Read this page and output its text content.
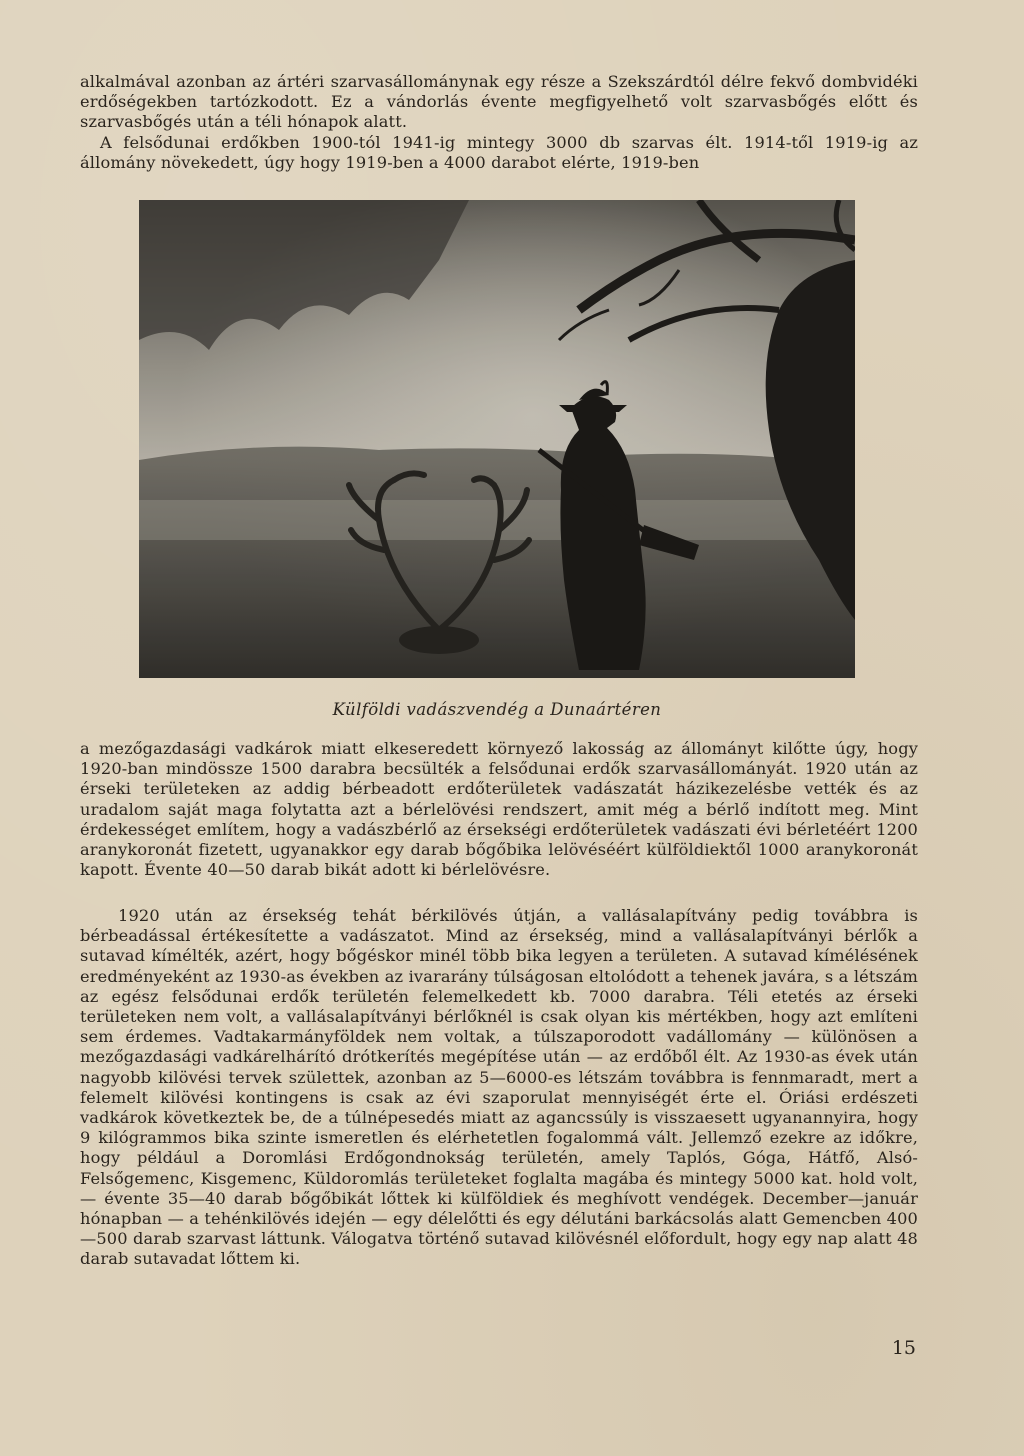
alkalmával azonban az ártéri szarvasállománynak egy része a Szekszárdtól délre fekvő dombvidéki erdőségekben tartózkodott. Ez a vándorlás évente megfigyelhető volt szarvasbőgés előtt és szarvasbőgés után a téli hónapok alatt.

A felsődunai erdőkben 1900-tól 1941-ig mintegy 3000 db szarvas élt. 1914-től 1919-ig az állomány növekedett, úgy hogy 1919-ben a 4000 darabot elérte, 1919-ben

Külföldi vadászvendég a Dunaártéren

a mezőgazdasági vadkárok miatt elkeseredett környező lakosság az állományt kilőtte úgy, hogy 1920-ban mindössze 1500 darabra becsülték a felsődunai erdők szarvasállományát. 1920 után az érseki területeken az addig bérbeadott erdőterületek vadászatát házikezelésbe vették és az uradalom saját maga folytatta azt a bérlelövési rendszert, amit még a bérlő indított meg. Mint érdekességet említem, hogy a vadászbérlő az érsekségi erdőterületek vadászati évi bérletéért 1200 aranykoronát fizetett, ugyanakkor egy darab bőgőbika lelövéséért külföldiektől 1000 aranykoronát kapott. Évente 40—50 darab bikát adott ki bérlelövésre.

1920 után az érsekség tehát bérkilövés útján, a vallásalapítvány pedig továbbra is bérbeadással értékesítette a vadászatot. Mind az érsekség, mind a vallásalapítványi bérlők a sutavad kímélték, azért, hogy bőgéskor minél több bika legyen a területen. A sutavad kímélésének eredményeként az 1930-as években az ivararány túlságosan eltolódott a tehenek javára, s a létszám az egész felsődunai erdők területén felemelkedett kb. 7000 darabra. Téli etetés az érseki területeken nem volt, a vallásalapítványi bérlőknél is csak olyan kis mértékben, hogy azt említeni sem érdemes. Vadtakarmányföldek nem voltak, a túlszaporodott vadállomány — különösen a mezőgazdasági vadkárelhárító drótkerítés megépítése után — az erdőből élt. Az 1930-as évek után nagyobb kilövési tervek születtek, azonban az 5—6000-es létszám továbbra is fennmaradt, mert a felemelt kilövési kontingens is csak az évi szaporulat mennyiségét érte el. Óriási erdészeti vadkárok következtek be, de a túlnépesedés miatt az agancssúly is visszaesett ugyanannyira, hogy 9 kilógrammos bika szinte ismeretlen és elérhetetlen fogalommá vált. Jellemző ezekre az időkre, hogy például a Doromlási Erdőgondnokság területén, amely Taplós, Góga, Hátfő, Alsó-Felsőgemenc, Kisgemenc, Küldoromlás területeket foglalta magába és mintegy 5000 kat. hold volt, — évente 35—40 darab bőgőbikát lőttek ki külföldiek és meghívott vendégek. December—január hónapban — a tehénkilövés idején — egy délelőtti és egy délutáni barkácsolás alatt Gemencben 400—500 darab szarvast láttunk. Válogatva történő sutavad kilövésnél előfordult, hogy egy nap alatt 48 darab sutavadat lőttem ki.

15
